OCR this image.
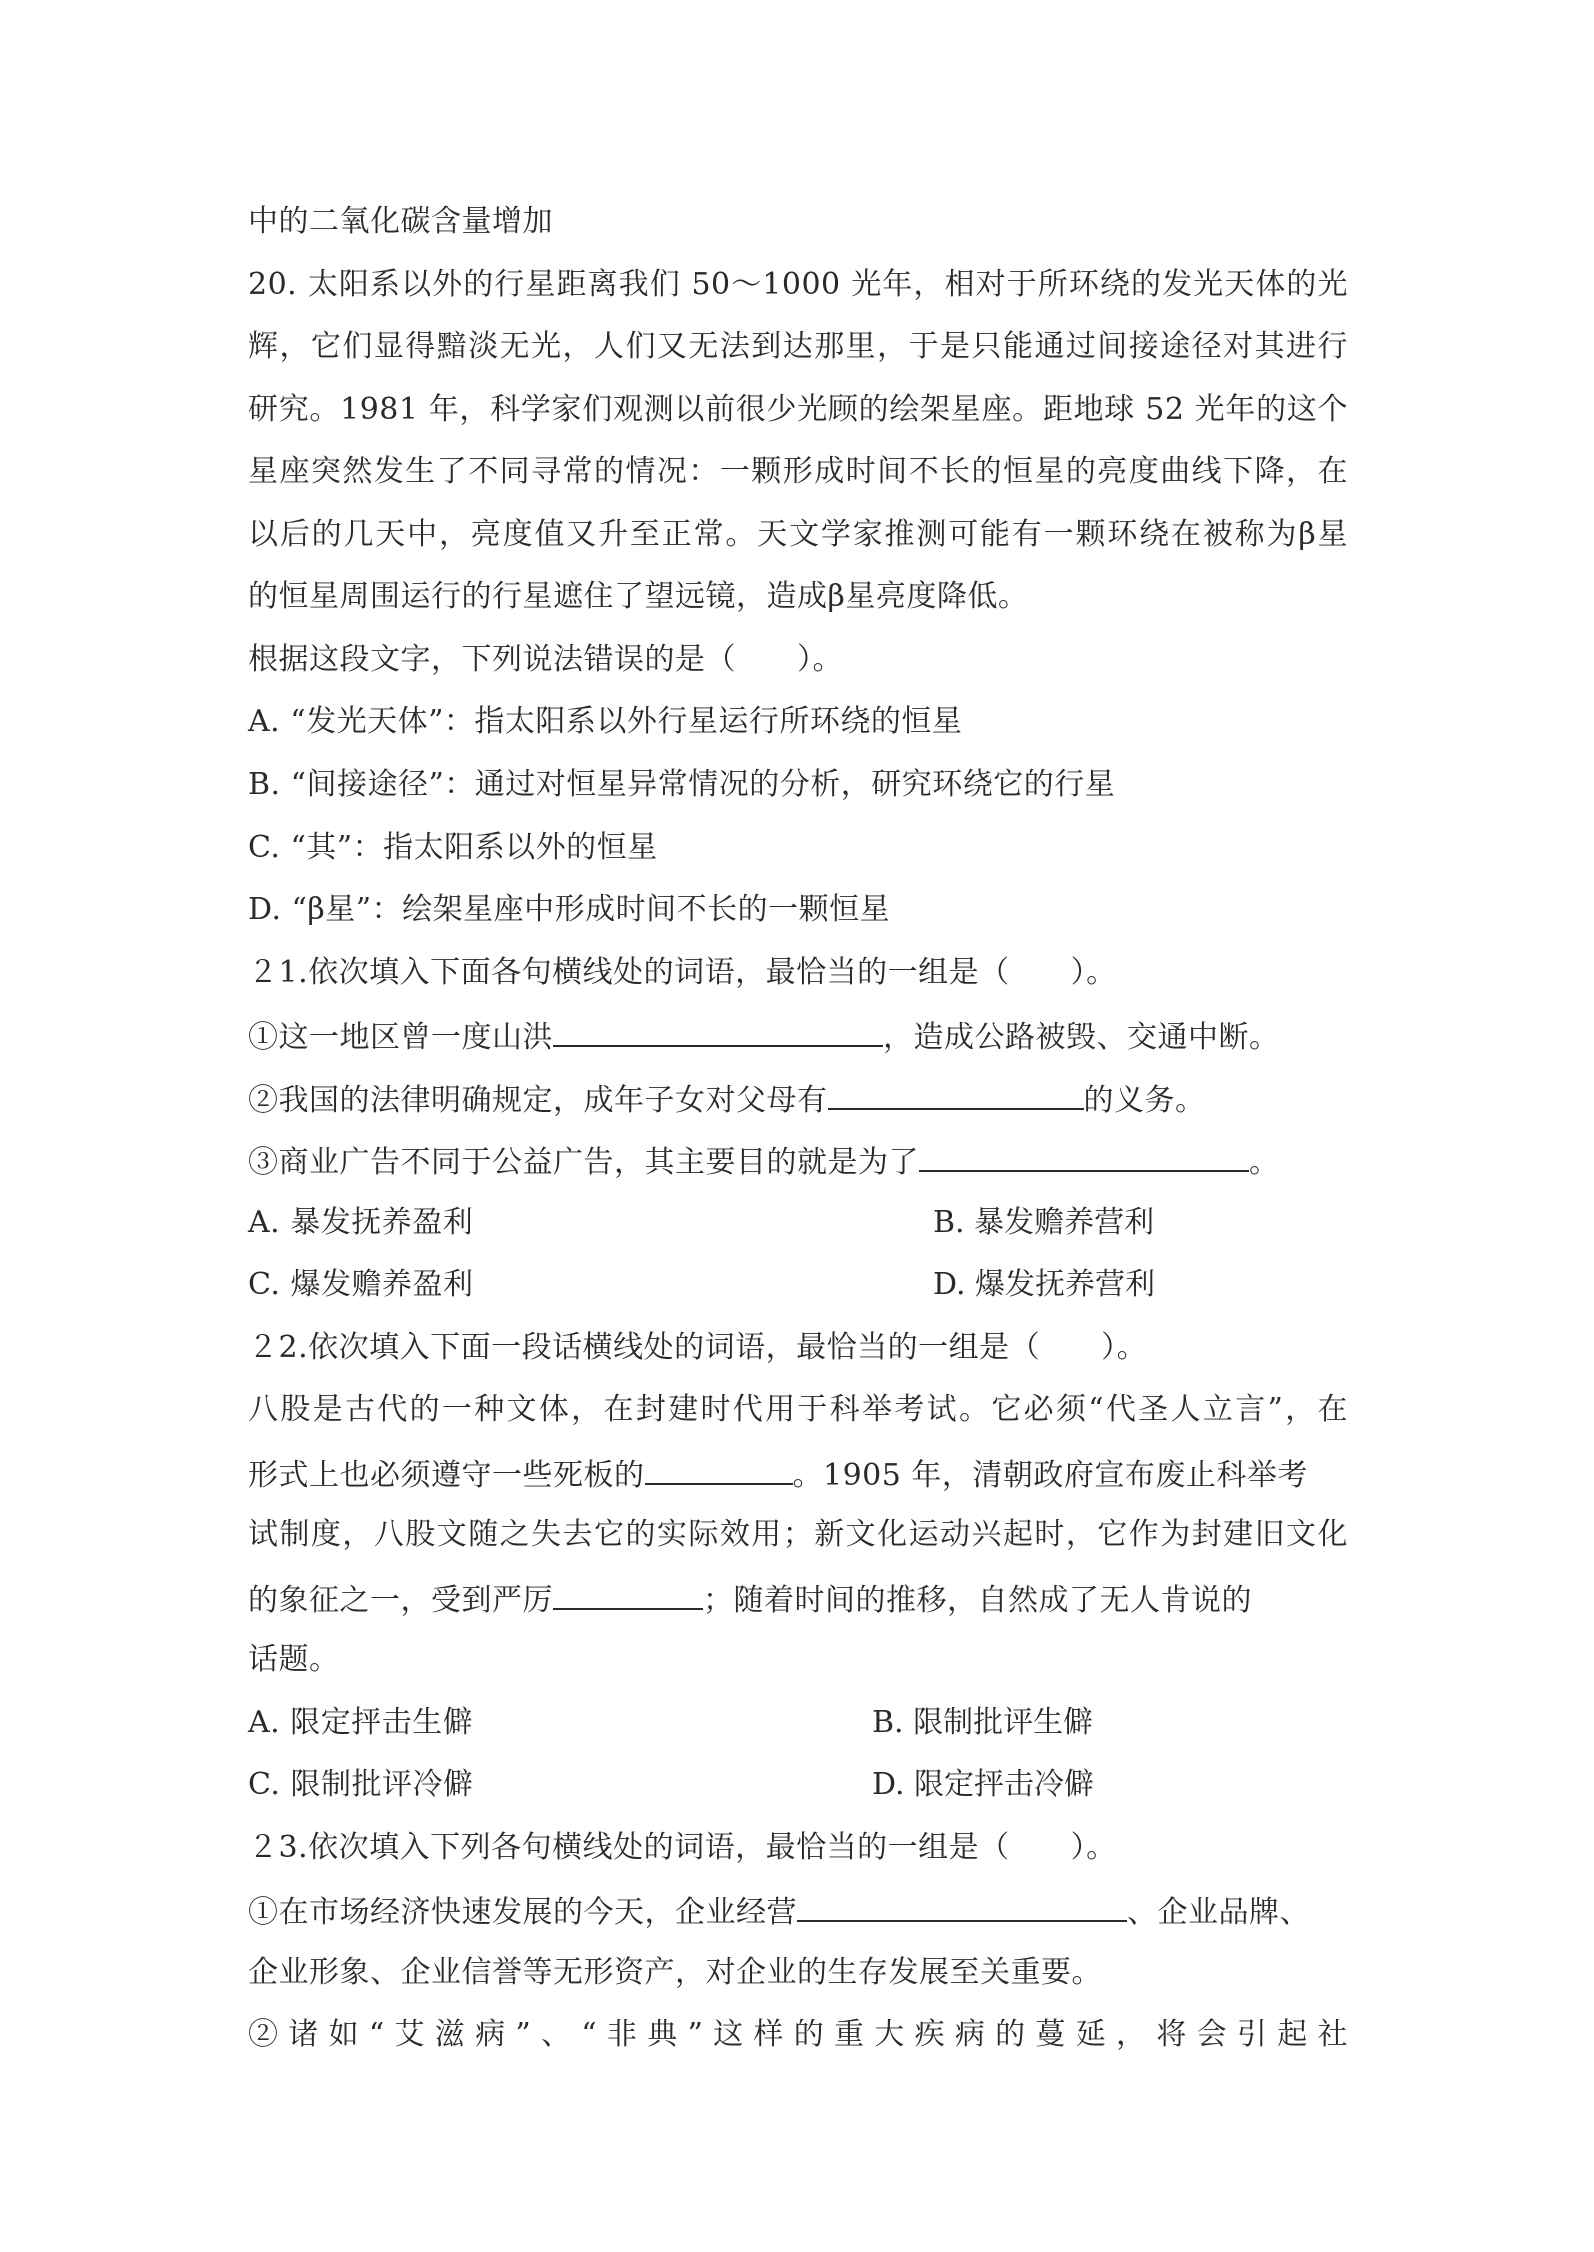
中的二氧化碳含量增加
20. 太阳系以外的行星距离我们 50～1000 光年，相对于所环绕的发光天体的光
辉，它们显得黯淡无光，人们又无法到达那里，于是只能通过间接途径对其进行
研究。1981 年，科学家们观测以前很少光顾的绘架星座。距地球 52 光年的这个
星座突然发生了不同寻常的情况：一颗形成时间不长的恒星的亮度曲线下降，在
以后的几天中，亮度值又升至正常。天文学家推测可能有一颗环绕在被称为β星
的恒星周围运行的行星遮住了望远镜，造成β星亮度降低。
根据这段文字，下列说法错误的是（　　）。
A. “发光天体”：指太阳系以外行星运行所环绕的恒星
B. “间接途径”：通过对恒星异常情况的分析，研究环绕它的行星
C. “其”：指太阳系以外的恒星
D. “β星”：绘架星座中形成时间不长的一颗恒星
２1.依次填入下面各句横线处的词语，最恰当的一组是（　　）。
①这一地区曾一度山洪	，造成公路被毁、交通中断。
②我国的法律明确规定，成年子女对父母有	的义务。
③商业广告不同于公益广告，其主要目的就是为了	。
A. 暴发抚养盈利	B. 暴发赡养营利
C. 爆发赡养盈利	D. 爆发抚养营利
２2.依次填入下面一段话横线处的词语，最恰当的一组是（　　）。
八股是古代的一种文体，在封建时代用于科举考试。它必须“代圣人立言”，在
形式上也必须遵守一些死板的	。1905 年，清朝政府宣布废止科举考
试制度，八股文随之失去它的实际效用；新文化运动兴起时，它作为封建旧文化
的象征之一，受到严厉	；随着时间的推移，自然成了无人肯说的
话题。
A. 限定抨击生僻	B. 限制批评生僻
C. 限制批评冷僻	D. 限定抨击冷僻
２3.依次填入下列各句横线处的词语，最恰当的一组是（　　）。
①在市场经济快速发展的今天，企业经营	、企业品牌、
企业形象、企业信誉等无形资产，对企业的生存发展至关重要。
②诸如“艾滋病”、“非典”这样的重大疾病的蔓延，将会引起社
